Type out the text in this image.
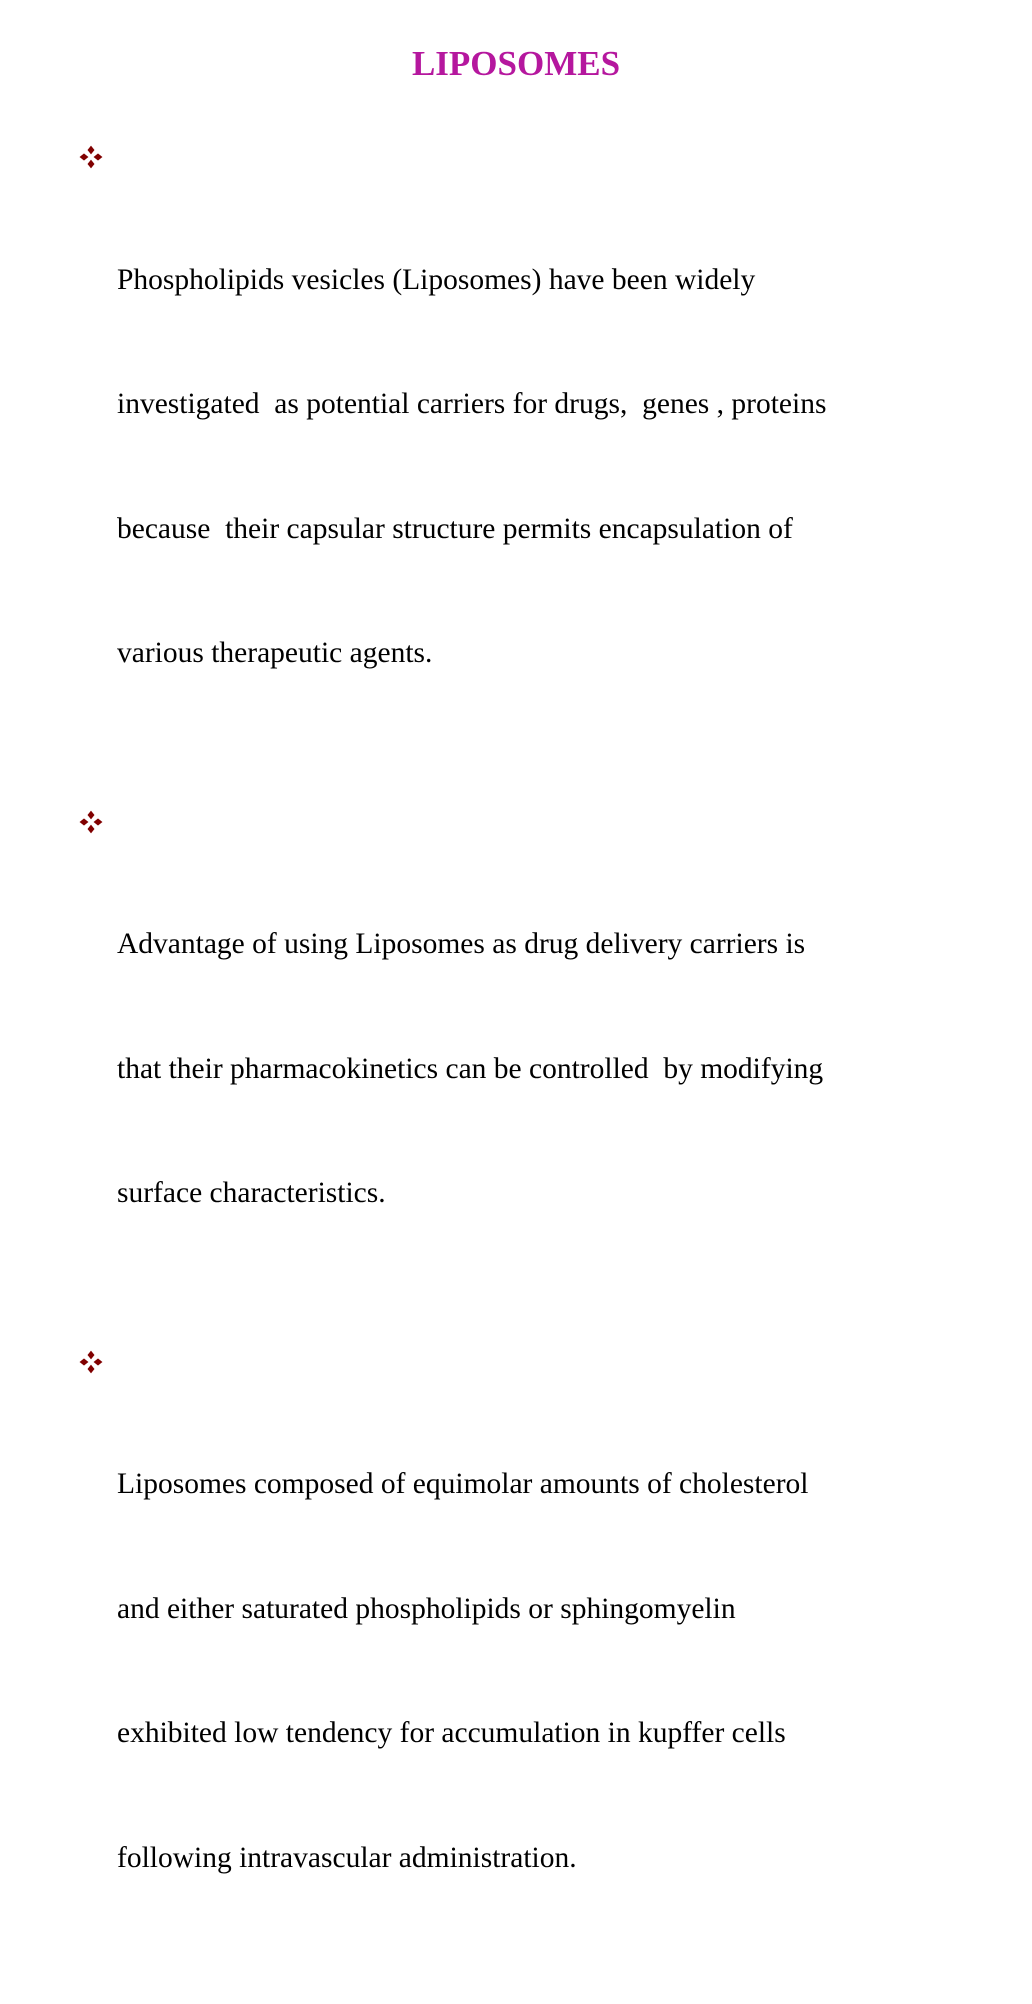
LIPOSOMES

Phospholipids vesicles (Liposomes) have been widely

investigated  as potential carriers for drugs,  genes , proteins

because  their capsular structure permits encapsulation of

various therapeutic agents.

Advantage of using Liposomes as drug delivery carriers is

that their pharmacokinetics can be controlled  by modifying

surface characteristics.

Liposomes composed of equimolar amounts of cholesterol

and either saturated phospholipids or sphingomyelin

exhibited low tendency for accumulation in kupffer cells

following intravascular administration.
